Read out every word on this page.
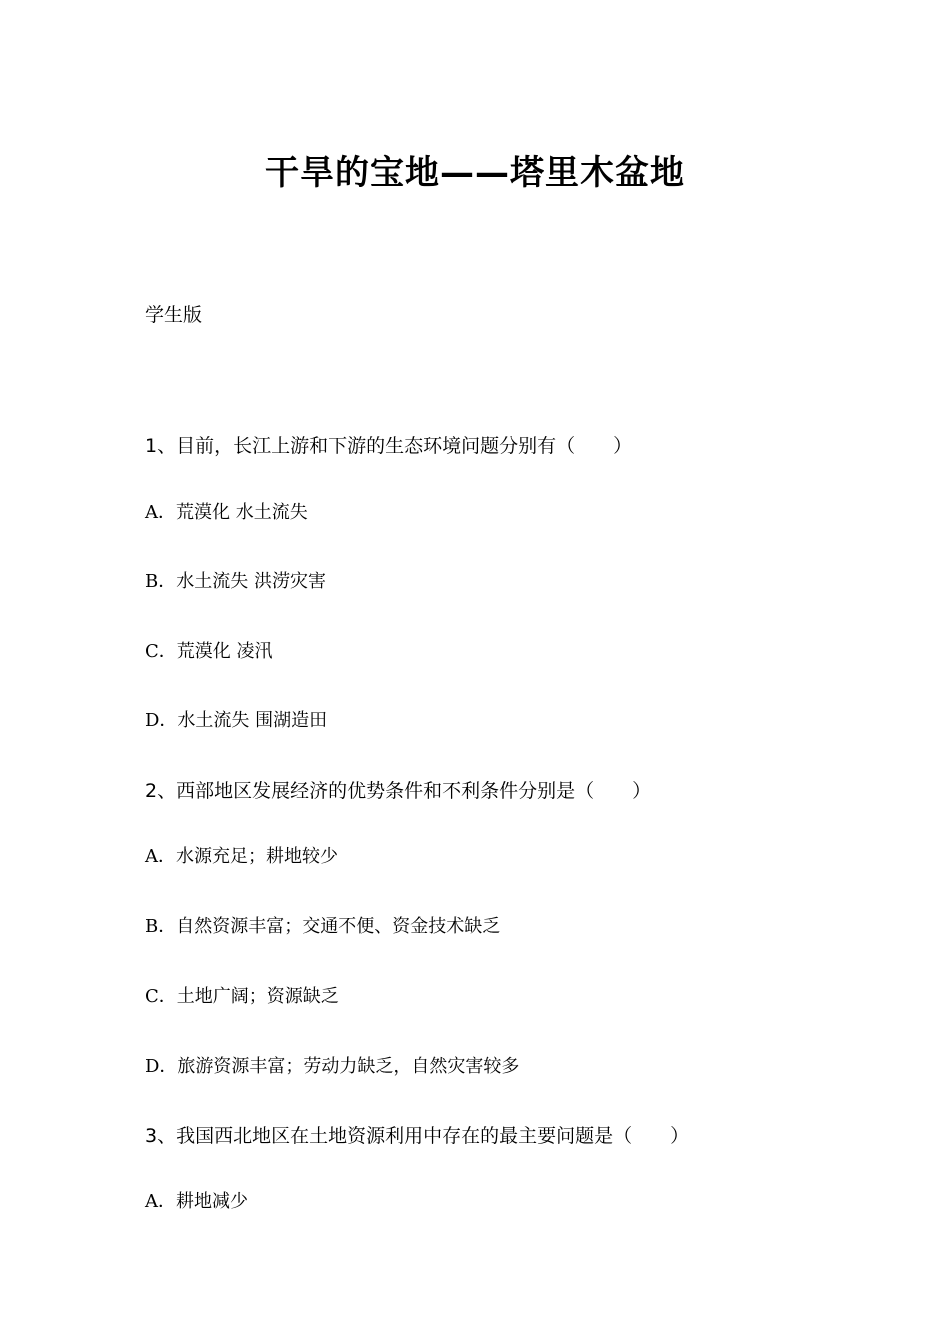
干旱的宝地——塔里木盆地
学生版
1、目前，长江上游和下游的生态环境问题分别有（　　）
A．荒漠化 水土流失
B．水土流失 洪涝灾害
C．荒漠化 凌汛
D．水土流失 围湖造田
2、西部地区发展经济的优势条件和不利条件分别是（　　）
A．水源充足；耕地较少
B．自然资源丰富；交通不便、资金技术缺乏
C．土地广阔；资源缺乏
D．旅游资源丰富；劳动力缺乏，自然灾害较多
3、我国西北地区在土地资源利用中存在的最主要问题是（　　）
A．耕地减少
